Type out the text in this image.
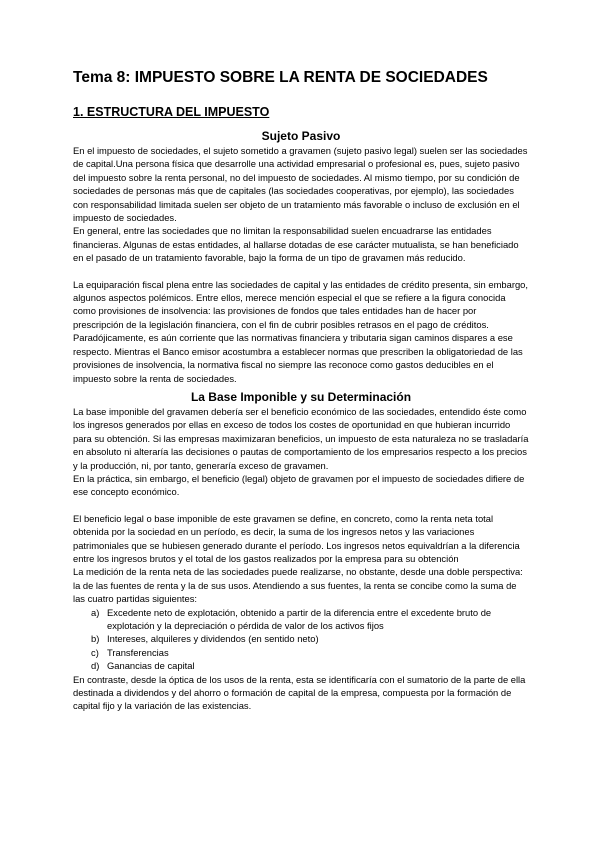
Tema 8: IMPUESTO SOBRE LA RENTA DE SOCIEDADES
1. ESTRUCTURA DEL IMPUESTO
Sujeto Pasivo

En el impuesto de sociedades, el sujeto sometido a gravamen (sujeto pasivo legal) suelen ser las sociedades de capital.Una persona física que desarrolle una actividad empresarial o profesional es, pues, sujeto pasivo del impuesto sobre la renta personal, no del impuesto de sociedades. Al mismo tiempo, por su condición de sociedades de personas más que de capitales (las sociedades cooperativas, por ejemplo), las sociedades con responsabilidad limitada suelen ser objeto de un tratamiento más favorable o incluso de exclusión en el impuesto de sociedades.

En general, entre las sociedades que no limitan la responsabilidad suelen encuadrarse las entidades financieras. Algunas de estas entidades, al hallarse dotadas de ese carácter mutualista, se han beneficiado en el pasado de un tratamiento favorable, bajo la forma de un tipo de gravamen más reducido.

La equiparación fiscal plena entre las sociedades de capital y las entidades de crédito presenta, sin embargo, algunos aspectos polémicos. Entre ellos, merece mención especial el que se refiere a la figura conocida como provisiones de insolvencia: las provisiones de fondos que tales entidades han de hacer por prescripción de la legislación financiera, con el fin de cubrir posibles retrasos en el pago de créditos.

Paradójicamente, es aún corriente que las normativas financiera y tributaria sigan caminos dispares a ese respecto. Mientras el Banco emisor acostumbra a establecer normas que prescriben la obligatoriedad de las provisiones de insolvencia, la normativa fiscal no siempre las reconoce como gastos deducibles en el impuesto sobre la renta de sociedades.

La Base Imponible y su Determinación

La base imponible del gravamen debería ser el beneficio económico de las sociedades, entendido éste como los ingresos generados por ellas en exceso de todos los costes de oportunidad en que hubieran incurrido para su obtención. Si las empresas maximizaran beneficios, un impuesto de esta naturaleza no se trasladaría en absoluto ni alteraría las decisiones o pautas de comportamiento de los empresarios respecto a los precios y la producción, ni, por tanto, generaría exceso de gravamen.

En la práctica, sin embargo, el beneficio (legal) objeto de gravamen por el impuesto de sociedades difiere de ese concepto económico.

El beneficio legal o base imponible de este gravamen se define, en concreto, como la renta neta total obtenida por la sociedad en un período, es decir, la suma de los ingresos netos y las variaciones patrimoniales que se hubiesen generado durante el período. Los ingresos netos equivaldrían a la diferencia entre los ingresos brutos y el total de los gastos realizados por la empresa para su obtención

La medición de la renta neta de las sociedades puede realizarse, no obstante, desde una doble perspectiva: la de las fuentes de renta y la de sus usos. Atendiendo a sus fuentes, la renta se concibe como la suma de las cuatro partidas siguientes:

a) Excedente neto de explotación, obtenido a partir de la diferencia entre el excedente bruto de explotación y la depreciación o pérdida de valor de los activos fijos
b) Intereses, alquileres y dividendos (en sentido neto)
c) Transferencias
d) Ganancias de capital

En contraste, desde la óptica de los usos de la renta, esta se identificaría con el sumatorio de la parte de ella destinada a dividendos y del ahorro o formación de capital de la empresa, compuesta por la formación de capital fijo y la variación de las existencias.
